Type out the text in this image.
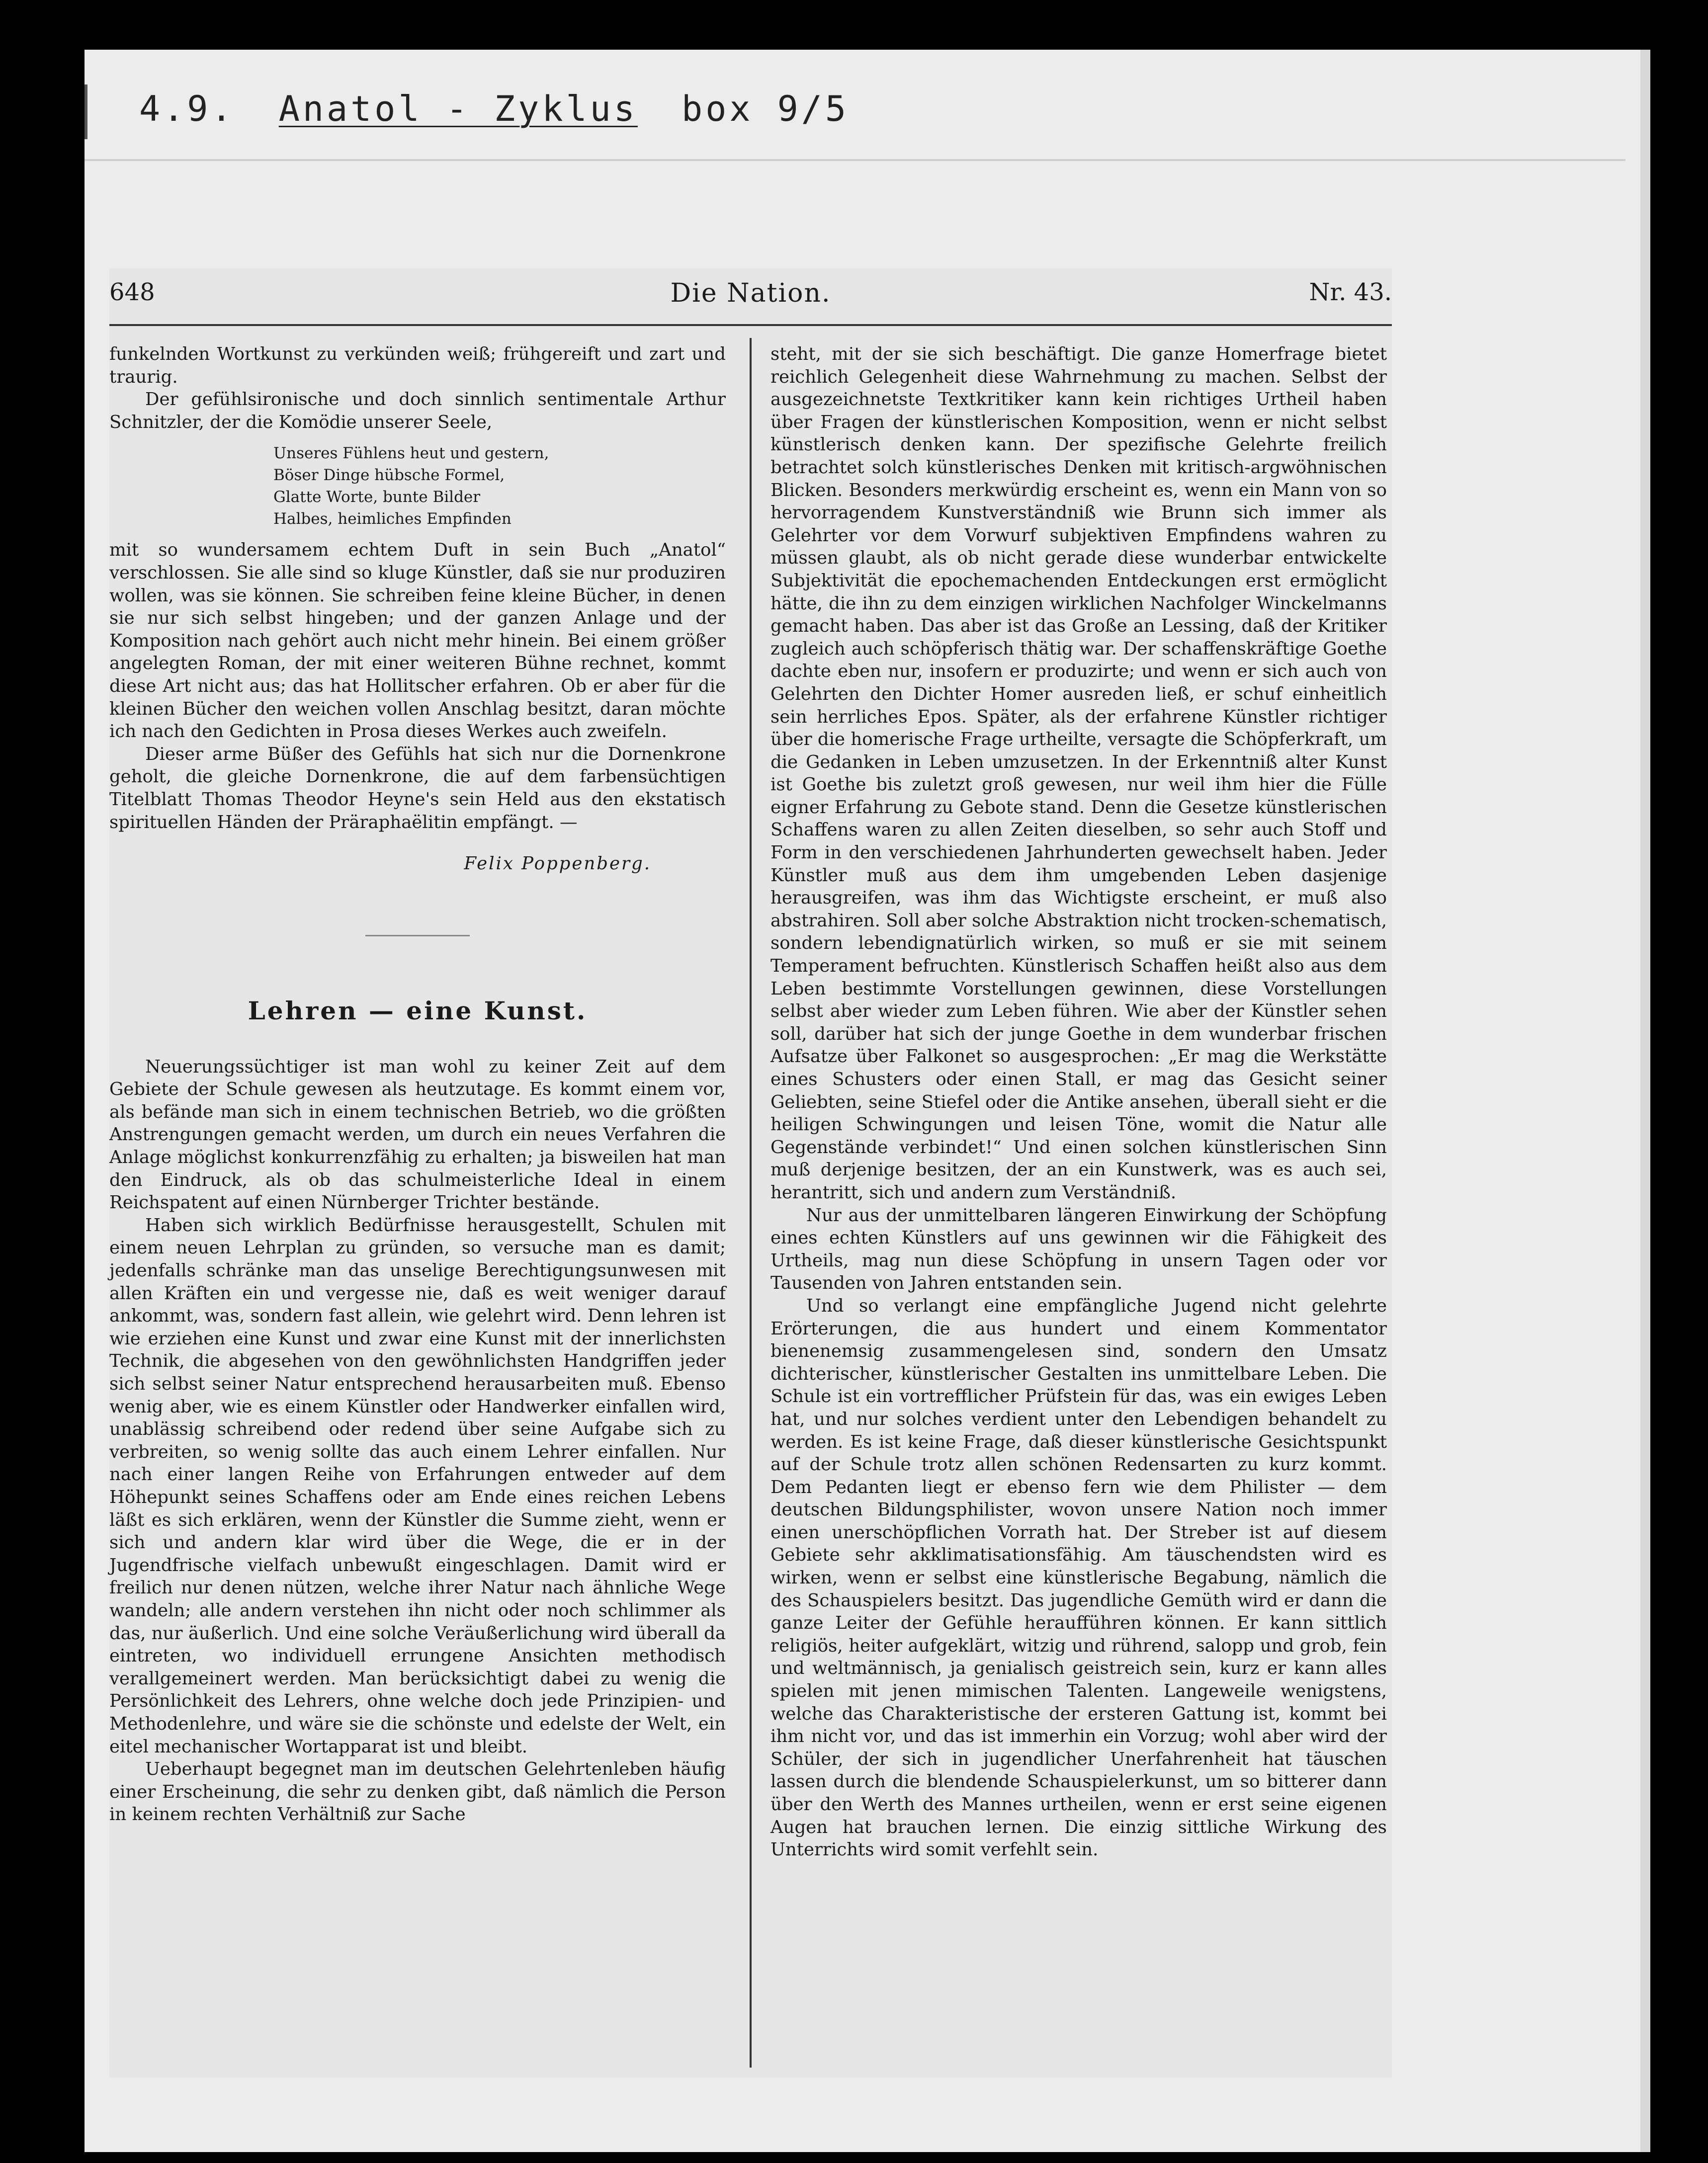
4.9. Anatol - Zyklus box 9/5
648	Die Nation.	Nr. 43.

funkelnden Wortkunst zu verkünden weiß; frühgereift und zart und traurig.

Der gefühlsironische und doch sinnlich sentimentale Arthur Schnitzler, der die Komödie unserer Seele,

Unseres Fühlens heut und gestern,
Böser Dinge hübsche Formel,
Glatte Worte, bunte Bilder
Halbes, heimliches Empfinden

mit so wundersamem echtem Duft in sein Buch „Anatol“ verschlossen. Sie alle sind so kluge Künstler, daß sie nur produziren wollen, was sie können. Sie schreiben feine kleine Bücher, in denen sie nur sich selbst hingeben; und der ganzen Anlage und der Komposition nach gehört auch nicht mehr hinein. Bei einem größer angelegten Roman, der mit einer weiteren Bühne rechnet, kommt diese Art nicht aus; das hat Hollitscher erfahren. Ob er aber für die kleinen Bücher den weichen vollen Anschlag besitzt, daran möchte ich nach den Gedichten in Prosa dieses Werkes auch zweifeln.

Dieser arme Büßer des Gefühls hat sich nur die Dornenkrone geholt, die gleiche Dornenkrone, die auf dem farbensüchtigen Titelblatt Thomas Theodor Heyne's sein Held aus den ekstatisch spirituellen Händen der Präraphaëlitin empfängt. —

Felix Poppenberg.
Lehren — eine Kunst.

Neuerungssüchtiger ist man wohl zu keiner Zeit auf dem Gebiete der Schule gewesen als heutzutage. Es kommt einem vor, als befände man sich in einem technischen Betrieb, wo die größten Anstrengungen gemacht werden, um durch ein neues Verfahren die Anlage möglichst konkurrenzfähig zu erhalten; ja bisweilen hat man den Eindruck, als ob das schulmeisterliche Ideal in einem Reichspatent auf einen Nürnberger Trichter bestände.

Haben sich wirklich Bedürfnisse herausgestellt, Schulen mit einem neuen Lehrplan zu gründen, so versuche man es damit; jedenfalls schränke man das unselige Berechtigungsunwesen mit allen Kräften ein und vergesse nie, daß es weit weniger darauf ankommt, was, sondern fast allein, wie gelehrt wird. Denn lehren ist wie erziehen eine Kunst und zwar eine Kunst mit der innerlichsten Technik, die abgesehen von den gewöhnlichsten Handgriffen jeder sich selbst seiner Natur entsprechend herausarbeiten muß. Ebenso wenig aber, wie es einem Künstler oder Handwerker einfallen wird, unablässig schreibend oder redend über seine Aufgabe sich zu verbreiten, so wenig sollte das auch einem Lehrer einfallen. Nur nach einer langen Reihe von Erfahrungen entweder auf dem Höhepunkt seines Schaffens oder am Ende eines reichen Lebens läßt es sich erklären, wenn der Künstler die Summe zieht, wenn er sich und andern klar wird über die Wege, die er in der Jugendfrische vielfach unbewußt eingeschlagen. Damit wird er freilich nur denen nützen, welche ihrer Natur nach ähnliche Wege wandeln; alle andern verstehen ihn nicht oder noch schlimmer als das, nur äußerlich. Und eine solche Veräußerlichung wird überall da eintreten, wo individuell errungene Ansichten methodisch verallgemeinert werden. Man berücksichtigt dabei zu wenig die Persönlichkeit des Lehrers, ohne welche doch jede Prinzipien- und Methodenlehre, und wäre sie die schönste und edelste der Welt, ein eitel mechanischer Wortapparat ist und bleibt.

Ueberhaupt begegnet man im deutschen Gelehrtenleben häufig einer Erscheinung, die sehr zu denken gibt, daß nämlich die Person in keinem rechten Verhältniß zur Sache

steht, mit der sie sich beschäftigt. Die ganze Homerfrage bietet reichlich Gelegenheit diese Wahrnehmung zu machen. Selbst der ausgezeichnetste Textkritiker kann kein richtiges Urtheil haben über Fragen der künstlerischen Komposition, wenn er nicht selbst künstlerisch denken kann. Der spezifische Gelehrte freilich betrachtet solch künstlerisches Denken mit kritisch-argwöhnischen Blicken. Besonders merkwürdig erscheint es, wenn ein Mann von so hervorragendem Kunstverständniß wie Brunn sich immer als Gelehrter vor dem Vorwurf subjektiven Empfindens wahren zu müssen glaubt, als ob nicht gerade diese wunderbar entwickelte Subjektivität die epochemachenden Entdeckungen erst ermöglicht hätte, die ihn zu dem einzigen wirklichen Nachfolger Winckelmanns gemacht haben. Das aber ist das Große an Lessing, daß der Kritiker zugleich auch schöpferisch thätig war. Der schaffenskräftige Goethe dachte eben nur, insofern er produzirte; und wenn er sich auch von Gelehrten den Dichter Homer ausreden ließ, er schuf einheitlich sein herrliches Epos. Später, als der erfahrene Künstler richtiger über die homerische Frage urtheilte, versagte die Schöpferkraft, um die Gedanken in Leben umzusetzen. In der Erkenntniß alter Kunst ist Goethe bis zuletzt groß gewesen, nur weil ihm hier die Fülle eigner Erfahrung zu Gebote stand. Denn die Gesetze künstlerischen Schaffens waren zu allen Zeiten dieselben, so sehr auch Stoff und Form in den verschiedenen Jahrhunderten gewechselt haben. Jeder Künstler muß aus dem ihm umgebenden Leben dasjenige herausgreifen, was ihm das Wichtigste erscheint, er muß also abstrahiren. Soll aber solche Abstraktion nicht trocken-schematisch, sondern lebendignatürlich wirken, so muß er sie mit seinem Temperament befruchten. Künstlerisch Schaffen heißt also aus dem Leben bestimmte Vorstellungen gewinnen, diese Vorstellungen selbst aber wieder zum Leben führen. Wie aber der Künstler sehen soll, darüber hat sich der junge Goethe in dem wunderbar frischen Aufsatze über Falkonet so ausgesprochen: „Er mag die Werkstätte eines Schusters oder einen Stall, er mag das Gesicht seiner Geliebten, seine Stiefel oder die Antike ansehen, überall sieht er die heiligen Schwingungen und leisen Töne, womit die Natur alle Gegenstände verbindet!“ Und einen solchen künstlerischen Sinn muß derjenige besitzen, der an ein Kunstwerk, was es auch sei, herantritt, sich und andern zum Verständniß.

Nur aus der unmittelbaren längeren Einwirkung der Schöpfung eines echten Künstlers auf uns gewinnen wir die Fähigkeit des Urtheils, mag nun diese Schöpfung in unsern Tagen oder vor Tausenden von Jahren entstanden sein.

Und so verlangt eine empfängliche Jugend nicht gelehrte Erörterungen, die aus hundert und einem Kommentator bienenemsig zusammengelesen sind, sondern den Umsatz dichterischer, künstlerischer Gestalten ins unmittelbare Leben. Die Schule ist ein vortrefflicher Prüfstein für das, was ein ewiges Leben hat, und nur solches verdient unter den Lebendigen behandelt zu werden. Es ist keine Frage, daß dieser künstlerische Gesichtspunkt auf der Schule trotz allen schönen Redensarten zu kurz kommt. Dem Pedanten liegt er ebenso fern wie dem Philister — dem deutschen Bildungsphilister, wovon unsere Nation noch immer einen unerschöpflichen Vorrath hat. Der Streber ist auf diesem Gebiete sehr akklimatisationsfähig. Am täuschendsten wird es wirken, wenn er selbst eine künstlerische Begabung, nämlich die des Schauspielers besitzt. Das jugendliche Gemüth wird er dann die ganze Leiter der Gefühle heraufführen können. Er kann sittlich religiös, heiter aufgeklärt, witzig und rührend, salopp und grob, fein und weltmännisch, ja genialisch geistreich sein, kurz er kann alles spielen mit jenen mimischen Talenten. Langeweile wenigstens, welche das Charakteristische der ersteren Gattung ist, kommt bei ihm nicht vor, und das ist immerhin ein Vorzug; wohl aber wird der Schüler, der sich in jugendlicher Unerfahrenheit hat täuschen lassen durch die blendende Schauspielerkunst, um so bitterer dann über den Werth des Mannes urtheilen, wenn er erst seine eigenen Augen hat brauchen lernen. Die einzig sittliche Wirkung des Unterrichts wird somit verfehlt sein.
